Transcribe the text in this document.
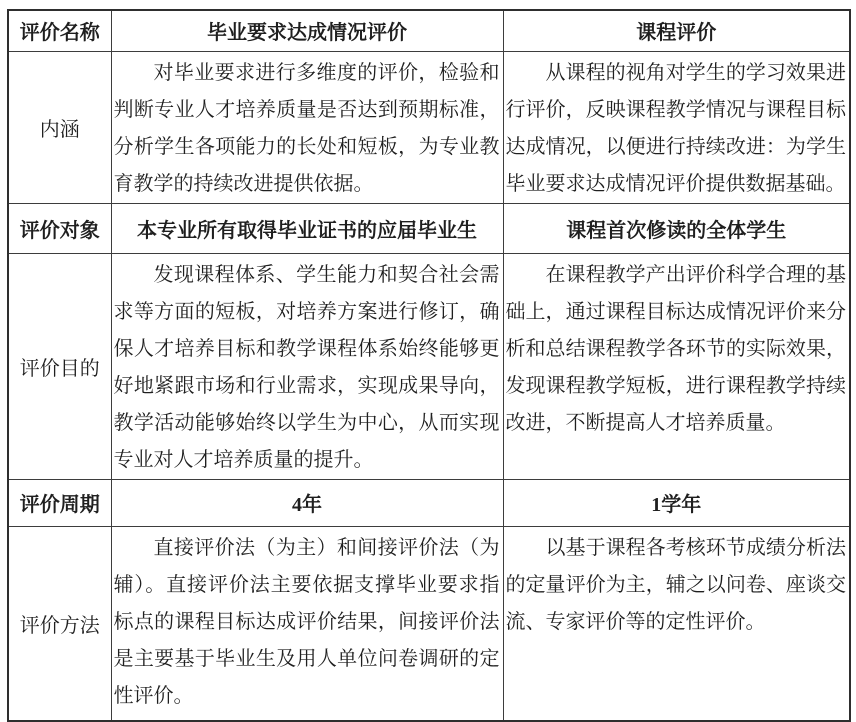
评价名称	毕业要求达成情况评价	课程评价
内涵	对毕业要求进行多维度的评价，检验和判断专业人才培养质量是否达到预期标准，分析学生各项能力的长处和短板，为专业教育教学的持续改进提供依据。	从课程的视角对学生的学习效果进行评价，反映课程教学情况与课程目标达成情况，以便进行持续改进：为学生毕业要求达成情况评价提供数据基础。

评价对象	本专业所有取得毕业证书的应届毕业生	课程首次修读的全体学生
评价目的	发现课程体系、学生能力和契合社会需求等方面的短板，对培养方案进行修订，确保人才培养目标和教学课程体系始终能够更好地紧跟市场和行业需求，实现成果导向，教学活动能够始终以学生为中心，从而实现专业对人才培养质量的提升。	在课程教学产出评价科学合理的基础上，通过课程目标达成情况评价来分析和总结课程教学各环节的实际效果，发现课程教学短板，进行课程教学持续改进，不断提高人才培养质量。

评价周期	4年	1学年
评价方法	直接评价法（为主）和间接评价法（为辅）。直接评价法主要依据支撑毕业要求指标点的课程目标达成评价结果，间接评价法是主要基于毕业生及用人单位问卷调研的定性评价。	以基于课程各考核环节成绩分析法的定量评价为主，辅之以问卷、座谈交流、专家评价等的定性评价。
